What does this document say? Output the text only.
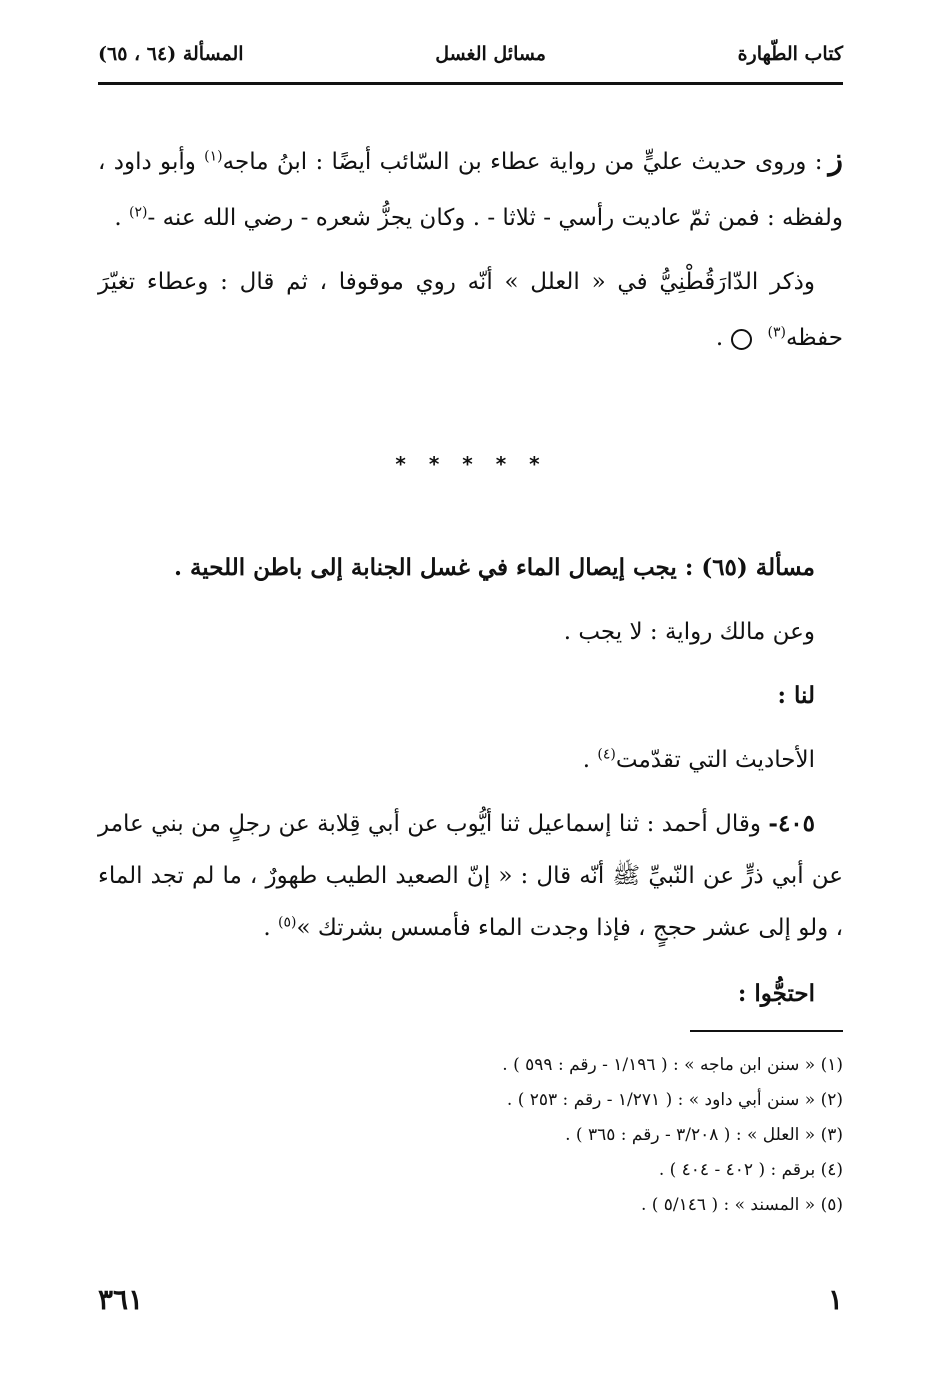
كتاب الطّهارة
مسائل الغسل
المسألة (٦٤ ، ٦٥)

ز: وروى حديث عليٍّ من رواية عطاء بن السّائب أيضًا : ابنُ ماجه$^{(١)}$ وأبو داود ، ولفظه : فمن ثمّ عاديت رأسي - ثلاثا - . وكان يجزُّ شعره - رضي الله عنه -$^{(٢)}$ .

وذكر الدّارَقُطْنِيُّ في « العلل » أنّه روي موقوفا ، ثم قال : وعطاء تغيّرَ حفظه$^{(٣)}$ .

* * * * *

مسألة (٦٥) : يجب إيصال الماء في غسل الجنابة إلى باطن اللحية .

وعن مالك رواية : لا يجب .

لنا :

الأحاديث التي تقدّمت$^{(٤)}$ .

٤٠٥- وقال أحمد : ثنا إسماعيل ثنا أيُّوب عن أبي قِلابة عن رجلٍ من بني عامر عن أبي ذرٍّ عن النّبيِّ ﷺ أنّه قال : « إنّ الصعيد الطيب طهورٌ ، ما لم تجد الماء ، ولو إلى عشر حججٍ ، فإذا وجدت الماء فأمسس بشرتك »$^{(٥)}$ .

احتجُّوا :

(١) « سنن ابن ماجه » : ( ١/١٩٦ - رقم : ٥٩٩ ) .

(٢) « سنن أبي داود » : ( ١/٢٧١ - رقم : ٢٥٣ ) .

(٣) « العلل » : ( ٣/٢٠٨ - رقم : ٣٦٥ ) .

(٤) برقم : ( ٤٠٢ - ٤٠٤ ) .

(٥) « المسند » : ( ٥/١٤٦ ) .

١
٣٦١
